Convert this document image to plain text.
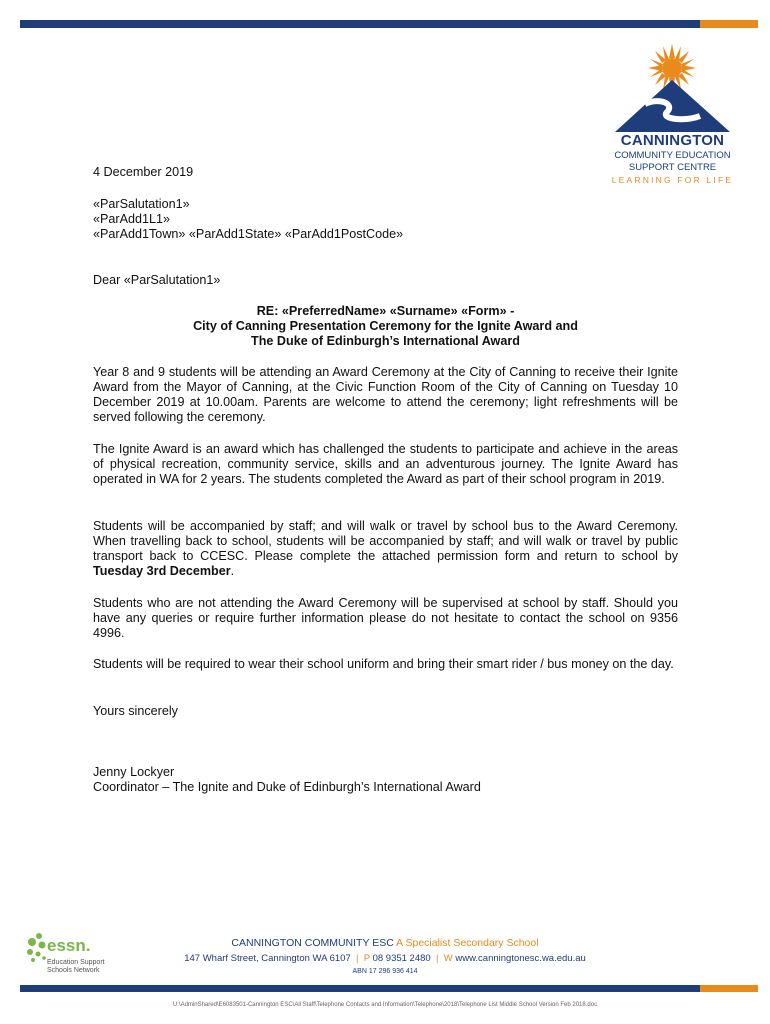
CANNINGTON
COMMUNITY EDUCATION
SUPPORT CENTRE
LEARNING FOR LIFE
4 December 2019
«ParSalutation1»
«ParAdd1L1»
«ParAdd1Town» «ParAdd1State» «ParAdd1PostCode»
Dear «ParSalutation1»
RE: «PreferredName» «Surname» «Form» -
City of Canning Presentation Ceremony for the Ignite Award and
The Duke of Edinburgh’s International Award
Year 8 and 9 students will be attending an Award Ceremony at the City of Canning to receive their Ignite Award from the Mayor of Canning, at the Civic Function Room of the City of Canning on Tuesday 10 December 2019 at 10.00am. Parents are welcome to attend the ceremony; light refreshments will be served following the ceremony.
The Ignite Award is an award which has challenged the students to participate and achieve in the areas of physical recreation, community service, skills and an adventurous journey. The Ignite Award has operated in WA for 2 years. The students completed the Award as part of their school program in 2019.
Students will be accompanied by staff; and will walk or travel by school bus to the Award Ceremony. When travelling back to school, students will be accompanied by staff; and will walk or travel by public transport back to CCESC. Please complete the attached permission form and return to school by Tuesday 3rd December.
Students who are not attending the Award Ceremony will be supervised at school by staff. Should you have any queries or require further information please do not hesitate to contact the school on 9356 4996.
Students will be required to wear their school uniform and bring their smart rider / bus money on the day.
Yours sincerely
Jenny Lockyer
Coordinator – The Ignite and Duke of Edinburgh’s International Award
essn.
Education Support
Schools Network
CANNINGTON COMMUNITY ESC A Specialist Secondary School
147 Wharf Street, Cannington WA 6107  |  P 08 9351 2480  |  W www.canningtonesc.wa.edu.au
ABN 17 296 936 414
U:\AdminShared\E6083501-Cannington ESC\All Staff\Telephone Contacts and Information\Telephone\2018\Telephone List Middle School Version Feb 2018.doc
